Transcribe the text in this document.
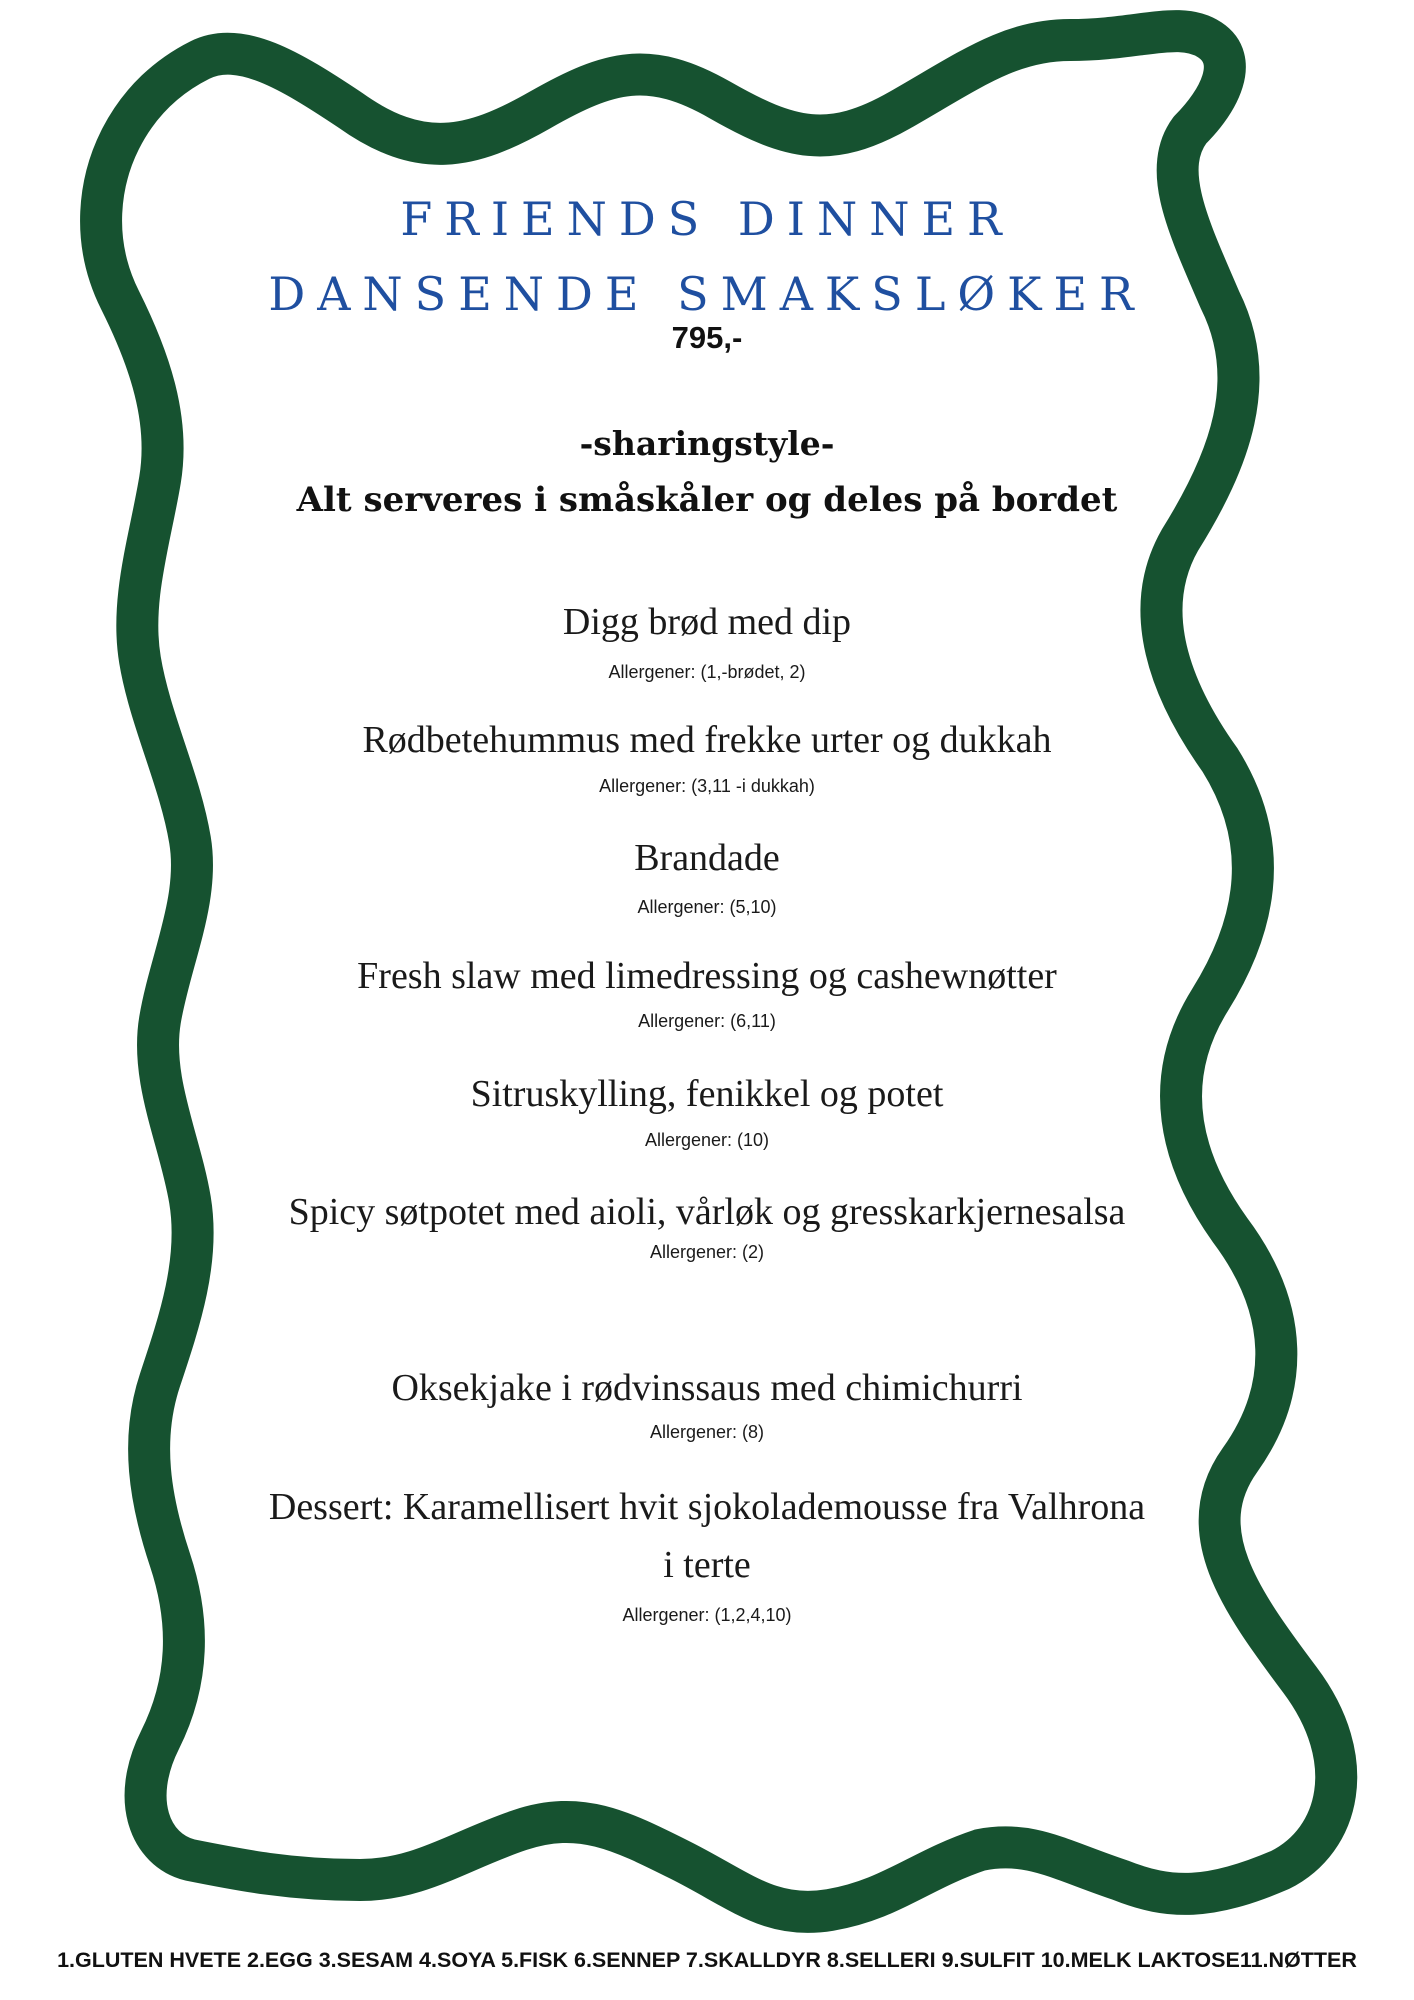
FRIENDS DINNER
DANSENDE SMAKSLØKER
795,-
-sharingstyle-
Alt serveres i småskåler og deles på bordet
Digg brød med dip
Allergener: (1,-brødet, 2)
Rødbetehummus med frekke urter og dukkah
Allergener: (3,11 -i dukkah)
Brandade
Allergener: (5,10)
Fresh slaw med limedressing og cashewnøtter
Allergener: (6,11)
Sitruskylling, fenikkel og potet
Allergener: (10)
Spicy søtpotet med aioli, vårløk og gresskarkjernesalsa
Allergener: (2)
Oksekjake i rødvinssaus med chimichurri
Allergener: (8)
Dessert: Karamellisert hvit sjokolademousse fra Valhrona
i terte
Allergener: (1,2,4,10)
1.GLUTEN HVETE 2.EGG 3.SESAM 4.SOYA 5.FISK 6.SENNEP 7.SKALLDYR 8.SELLERI 9.SULFIT 10.MELK LAKTOSE11.NØTTER
